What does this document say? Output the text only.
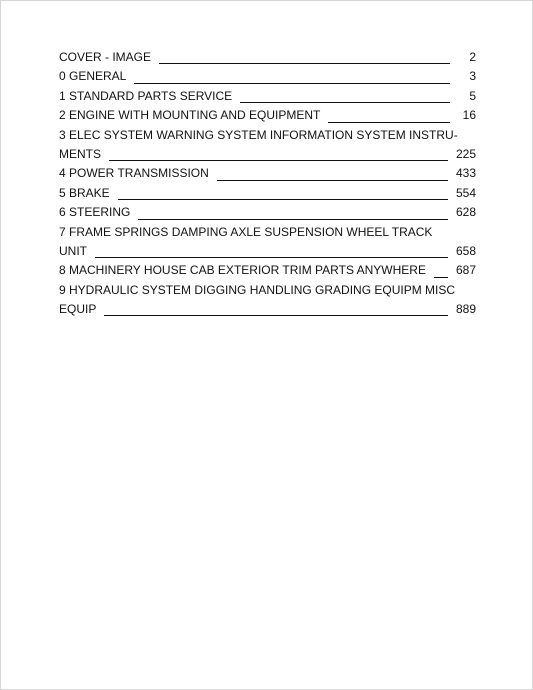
COVER - IMAGE	2
0 GENERAL	3
1 STANDARD PARTS SERVICE	5
2 ENGINE WITH MOUNTING AND EQUIPMENT	16
3 ELEC SYSTEM WARNING SYSTEM INFORMATION SYSTEM INSTRU-
MENTS	225
4 POWER TRANSMISSION	433
5 BRAKE	554
6 STEERING	628
7 FRAME SPRINGS DAMPING AXLE SUSPENSION WHEEL TRACK
UNIT	658
8 MACHINERY HOUSE CAB EXTERIOR TRIM PARTS ANYWHERE	687
9 HYDRAULIC SYSTEM DIGGING HANDLING GRADING EQUIPM MISC
EQUIP	889
